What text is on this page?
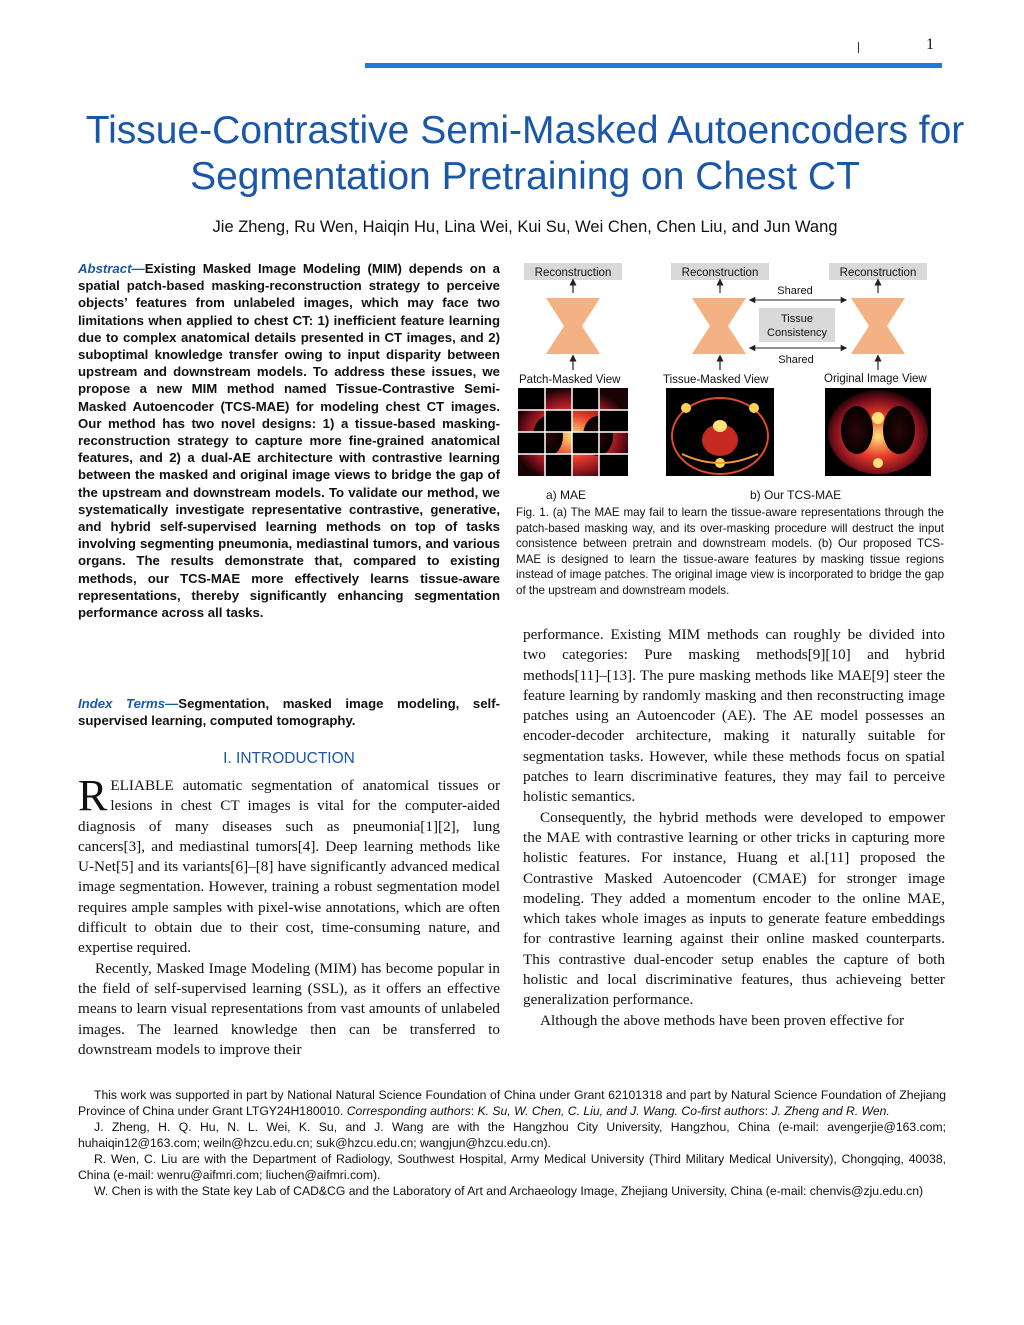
1
Tissue-Contrastive Semi-Masked Autoencoders for Segmentation Pretraining on Chest CT
Jie Zheng, Ru Wen, Haiqin Hu, Lina Wei, Kui Su, Wei Chen, Chen Liu, and Jun Wang
Abstract—Existing Masked Image Modeling (MIM) depends on a spatial patch-based masking-reconstruction strategy to perceive objects’ features from unlabeled images, which may face two limitations when applied to chest CT: 1) inefficient feature learning due to complex anatomical details presented in CT images, and 2) suboptimal knowledge transfer owing to input disparity between upstream and downstream models. To address these issues, we propose a new MIM method named Tissue-Contrastive Semi-Masked Autoencoder (TCS-MAE) for modeling chest CT images. Our method has two novel designs: 1) a tissue-based masking-reconstruction strategy to capture more fine-grained anatomical features, and 2) a dual-AE architecture with contrastive learning between the masked and original image views to bridge the gap of the upstream and downstream models. To validate our method, we systematically investigate representative contrastive, generative, and hybrid self-supervised learning methods on top of tasks involving segmenting pneumonia, mediastinal tumors, and various organs. The results demonstrate that, compared to existing methods, our TCS-MAE more effectively learns tissue-aware representations, thereby significantly enhancing segmentation performance across all tasks.
Index Terms—Segmentation, masked image modeling, self-supervised learning, computed tomography.
I. INTRODUCTION

RELIABLE automatic segmentation of anatomical tissues or lesions in chest CT images is vital for the computer-aided diagnosis of many diseases such as pneumonia[1][2], lung cancers[3], and mediastinal tumors[4]. Deep learning methods like U-Net[5] and its variants[6]–[8] have significantly advanced medical image segmentation. However, training a robust segmentation model requires ample samples with pixel-wise annotations, which are often difficult to obtain due to their cost, time-consuming nature, and expertise required.

Recently, Masked Image Modeling (MIM) has become popular in the field of self-supervised learning (SSL), as it offers an effective means to learn visual representations from vast amounts of unlabeled images. The learned knowledge then can be transferred to downstream models to improve their

Reconstruction
Patch-Masked View
a) MAE
Reconstruction	Reconstruction
Shared
Tissue
Consistency
Shared
Tissue-Masked View	Original Image View
b) Our TCS-MAE
Fig. 1. (a) The MAE may fail to learn the tissue-aware representations through the patch-based masking way, and its over-masking procedure will destruct the input consistence between pretrain and downstream models. (b) Our proposed TCS-MAE is designed to learn the tissue-aware features by masking tissue regions instead of image patches. The original image view is incorporated to bridge the gap of the upstream and downstream models.

performance. Existing MIM methods can roughly be divided into two categories: Pure masking methods[9][10] and hybrid methods[11]–[13]. The pure masking methods like MAE[9] steer the feature learning by randomly masking and then reconstructing image patches using an Autoencoder (AE). The AE model possesses an encoder-decoder architecture, making it naturally suitable for segmentation tasks. However, while these methods focus on spatial patches to learn discriminative features, they may fail to perceive holistic semantics.

Consequently, the hybrid methods were developed to empower the MAE with contrastive learning or other tricks in capturing more holistic features. For instance, Huang et al.[11] proposed the Contrastive Masked Autoencoder (CMAE) for stronger image modeling. They added a momentum encoder to the online MAE, which takes whole images as inputs to generate feature embeddings for contrastive learning against their online masked counterparts. This contrastive dual-encoder setup enables the capture of both holistic and local discriminative features, thus achieveing better generalization performance.

Although the above methods have been proven effective for

This work was supported in part by National Natural Science Foundation of China under Grant 62101318 and part by Natural Science Foundation of Zhejiang Province of China under Grant LTGY24H180010. Corresponding authors: K. Su, W. Chen, C. Liu, and J. Wang. Co-first authors: J. Zheng and R. Wen.

J. Zheng, H. Q. Hu, N. L. Wei, K. Su, and J. Wang are with the Hangzhou City University, Hangzhou, China (e-mail: avengerjie@163.com; huhaiqin12@163.com; weiln@hzcu.edu.cn; suk@hzcu.edu.cn; wangjun@hzcu.edu.cn).

R. Wen, C. Liu are with the Department of Radiology, Southwest Hospital, Army Medical University (Third Military Medical University), Chongqing, 40038, China (e-mail: wenru@aifmri.com; liuchen@aifmri.com).

W. Chen is with the State key Lab of CAD&CG and the Laboratory of Art and Archaeology Image, Zhejiang University, China (e-mail: chenvis@zju.edu.cn)
